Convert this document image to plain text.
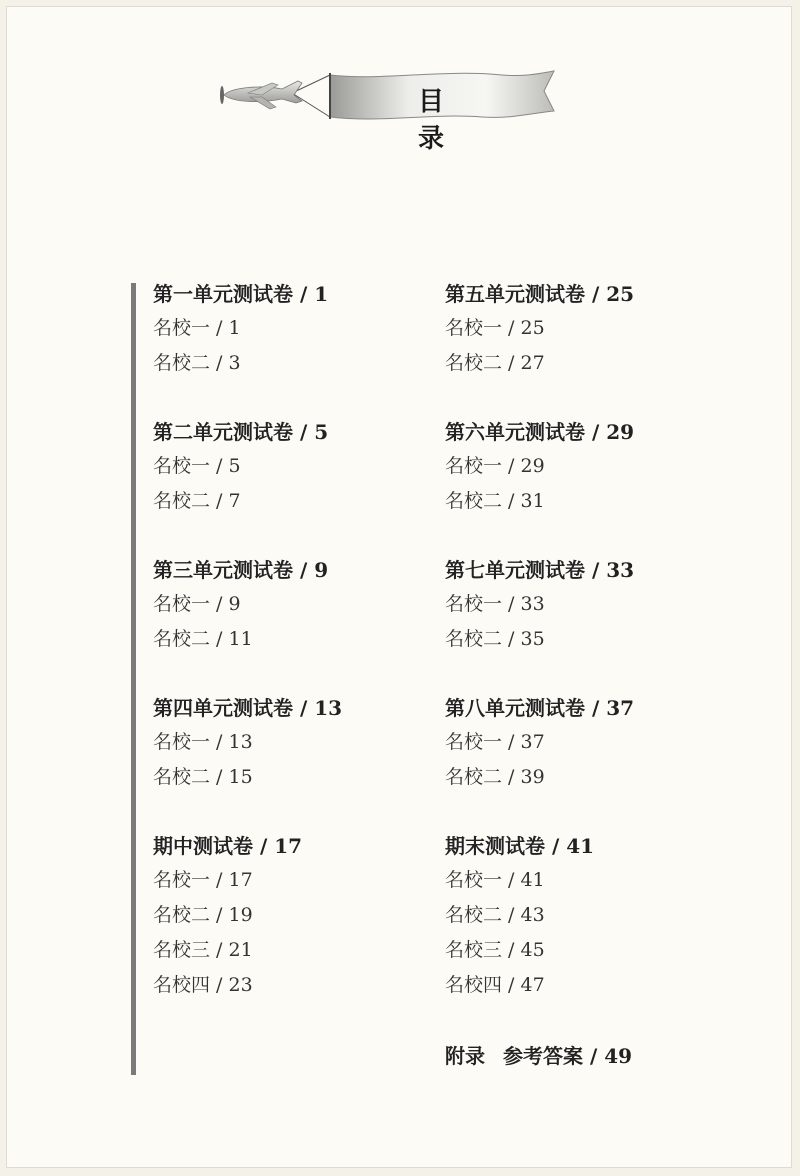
目 录
第一单元测试卷 / 1
名校一 / 1
名校二 / 3
第二单元测试卷 / 5
名校一 / 5
名校二 / 7
第三单元测试卷 / 9
名校一 / 9
名校二 / 11
第四单元测试卷 / 13
名校一 / 13
名校二 / 15
期中测试卷 / 17
名校一 / 17
名校二 / 19
名校三 / 21
名校四 / 23
第五单元测试卷 / 25
名校一 / 25
名校二 / 27
第六单元测试卷 / 29
名校一 / 29
名校二 / 31
第七单元测试卷 / 33
名校一 / 33
名校二 / 35
第八单元测试卷 / 37
名校一 / 37
名校二 / 39
期末测试卷 / 41
名校一 / 41
名校二 / 43
名校三 / 45
名校四 / 47
附录 参考答案 / 49
